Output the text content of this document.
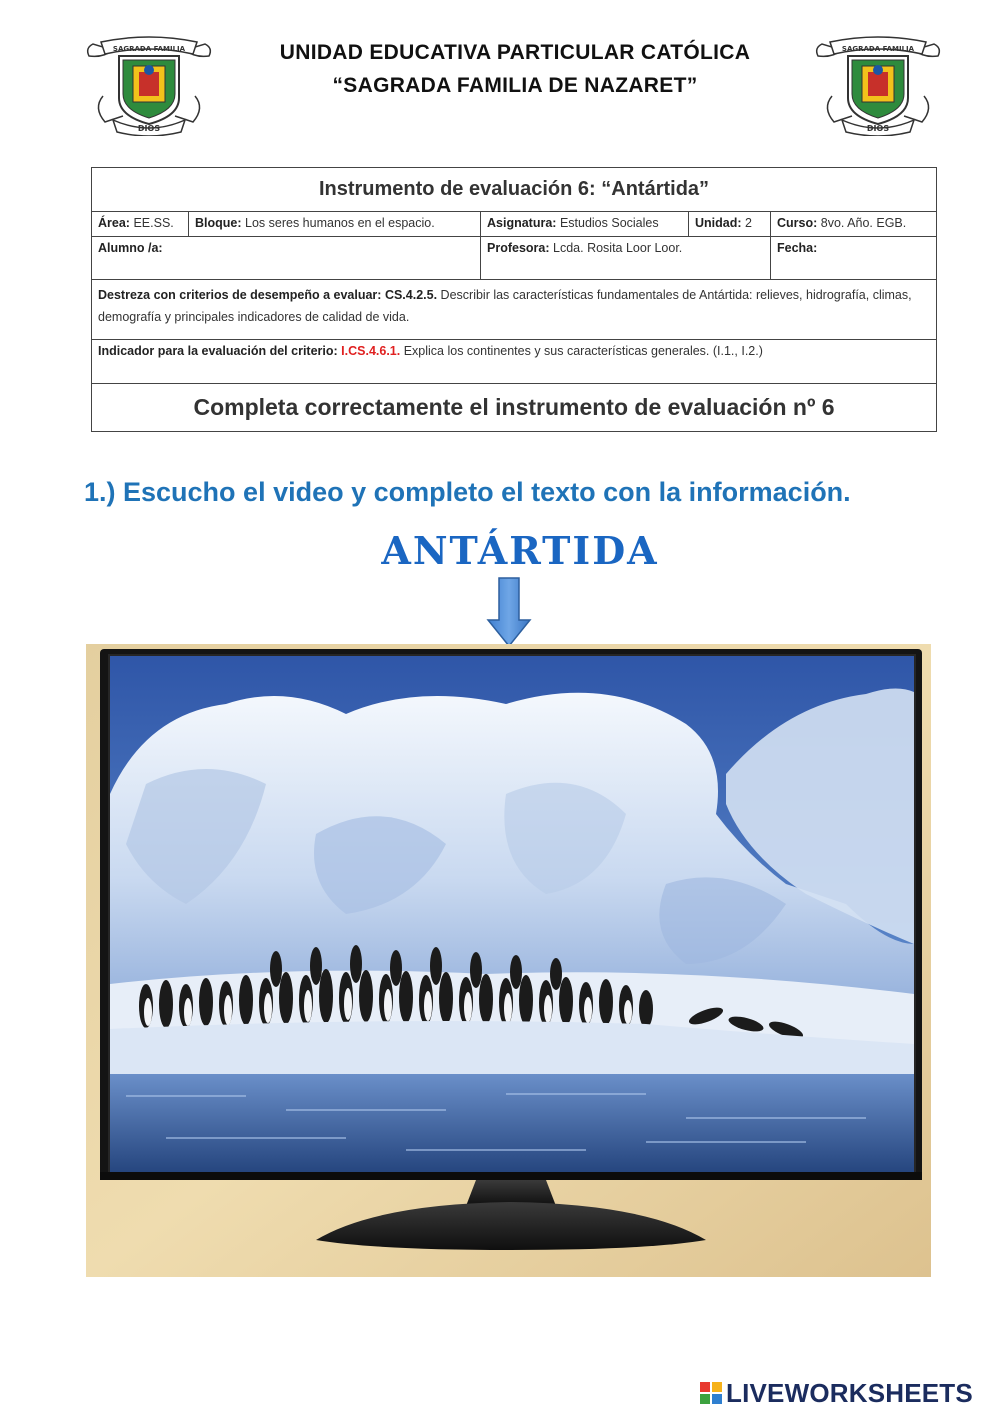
SAGRADA FAMILIA
DIOS
UNIDAD EDUCATIVA PARTICULAR CATÓLICA
“SAGRADA FAMILIA DE NAZARET”
SAGRADA FAMILIA
DIOS
Instrumento de evaluación 6: “Antártida”				
Área: EE.SS.	Bloque: Los seres humanos en el espacio.	Asignatura: Estudios Sociales	Unidad: 2	Curso: 8vo. Año. EGB.
Alumno /a:		Profesora: Lcda. Rosita Loor Loor.		Fecha:
Destreza con criterios de desempeño a evaluar: CS.4.2.5. Describir las características fundamentales de Antártida: relieves, hidrografía, climas, demografía y principales indicadores de calidad de vida.				
Indicador para la evaluación del criterio: I.CS.4.6.1. Explica los continentes y sus características generales. (I.1., I.2.)				
Completa correctamente el instrumento de evaluación nº 6				
1.) Escucho el video y completo el texto con la información.
ANTÁRTIDA
LIVEWORKSHEETS
